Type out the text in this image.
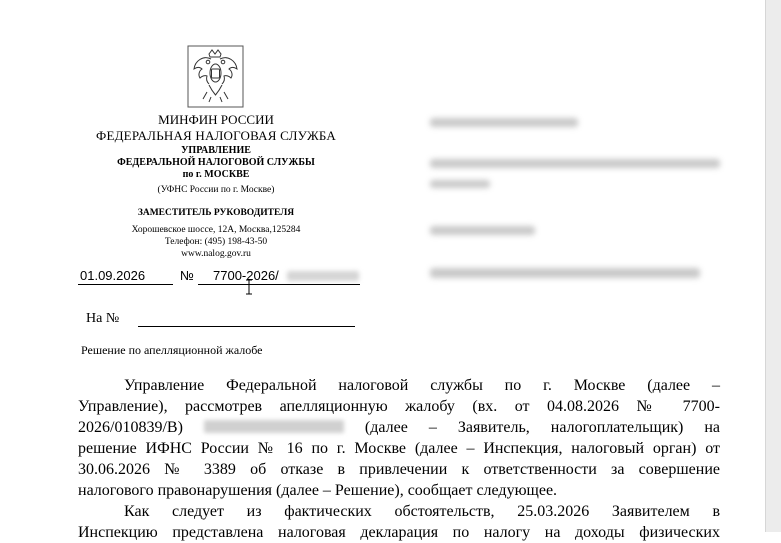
МИНФИН РОССИИ
ФЕДЕРАЛЬНАЯ НАЛОГОВАЯ СЛУЖБА
УПРАВЛЕНИЕ
ФЕДЕРАЛЬНОЙ НАЛОГОВОЙ СЛУЖБЫ
по г. МОСКВЕ
(УФНС России по г. Москве)
ЗАМЕСТИТЕЛЬ РУКОВОДИТЕЛЯ
Хорошевское шоссе, 12А, Москва,125284
Телефон: (495) 198-43-50
www.nalog.gov.ru
01.09.2026	№ 7700-2026/
На №
Решение по апелляционной жалобе
Управление Федеральной налоговой службы по г. Москве (далее –
Управление), рассмотрев апелляционную жалобу (вх. от 04.08.2026 № 7700-
2026/010839/В)	(далее – Заявитель, налогоплательщик) на
решение ИФНС России № 16 по г. Москве (далее – Инспекция, налоговый орган) от
30.06.2026 № 3389 об отказе в привлечении к ответственности за совершение
налогового правонарушения (далее – Решение), сообщает следующее.
Как следует из фактических обстоятельств, 25.03.2026 Заявителем в
Инспекцию представлена налоговая декларация по налогу на доходы физических
